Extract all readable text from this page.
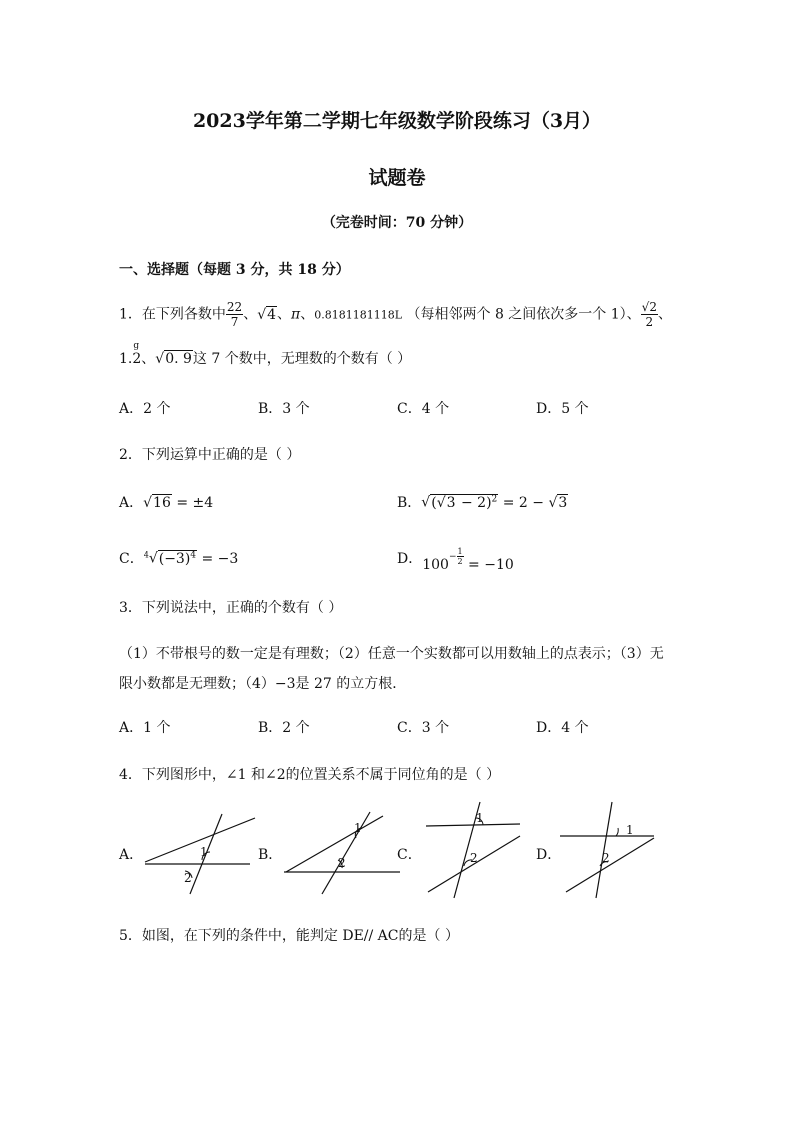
2023学年第二学期七年级数学阶段练习（3月）
试题卷
（完卷时间：70 分钟）
一、选择题（每题 3 分，共 18 分）
1．在下列各数中 $\frac{22}{7}$ 、√4、π、0.8181181118L （每相邻两个 8 之间依次多一个 1）、 $\frac{√2}{2}$ 、
1.2
g
、√0. 9这 7 个数中，无理数的个数有（ ）
A．2 个	B．3 个	C．4 个	D．5 个
2．下列运算中正确的是（ ）
A．√16 = ±4	B．$√(√3 - 2)^2 = 2 - √3$
C．$^4√(-3)^4 = -3$	D．$100^{- \frac{1}{2}} = -10$
3．下列说法中，正确的个数有（ ）
（1）不带根号的数一定是有理数；（2）任意一个实数都可以用数轴上的点表示；（3）无
限小数都是无理数；（4）−3是 27 的立方根．
A．1 个	B．2 个	C．3 个	D．4 个
4．下列图形中，∠1 和∠2的位置关系不属于同位角的是（ ）
A．	1
2
B．
1
2	C．
1
2	D．
1
2
5．如图，在下列的条件中，能判定 DE// AC的是（ ）
